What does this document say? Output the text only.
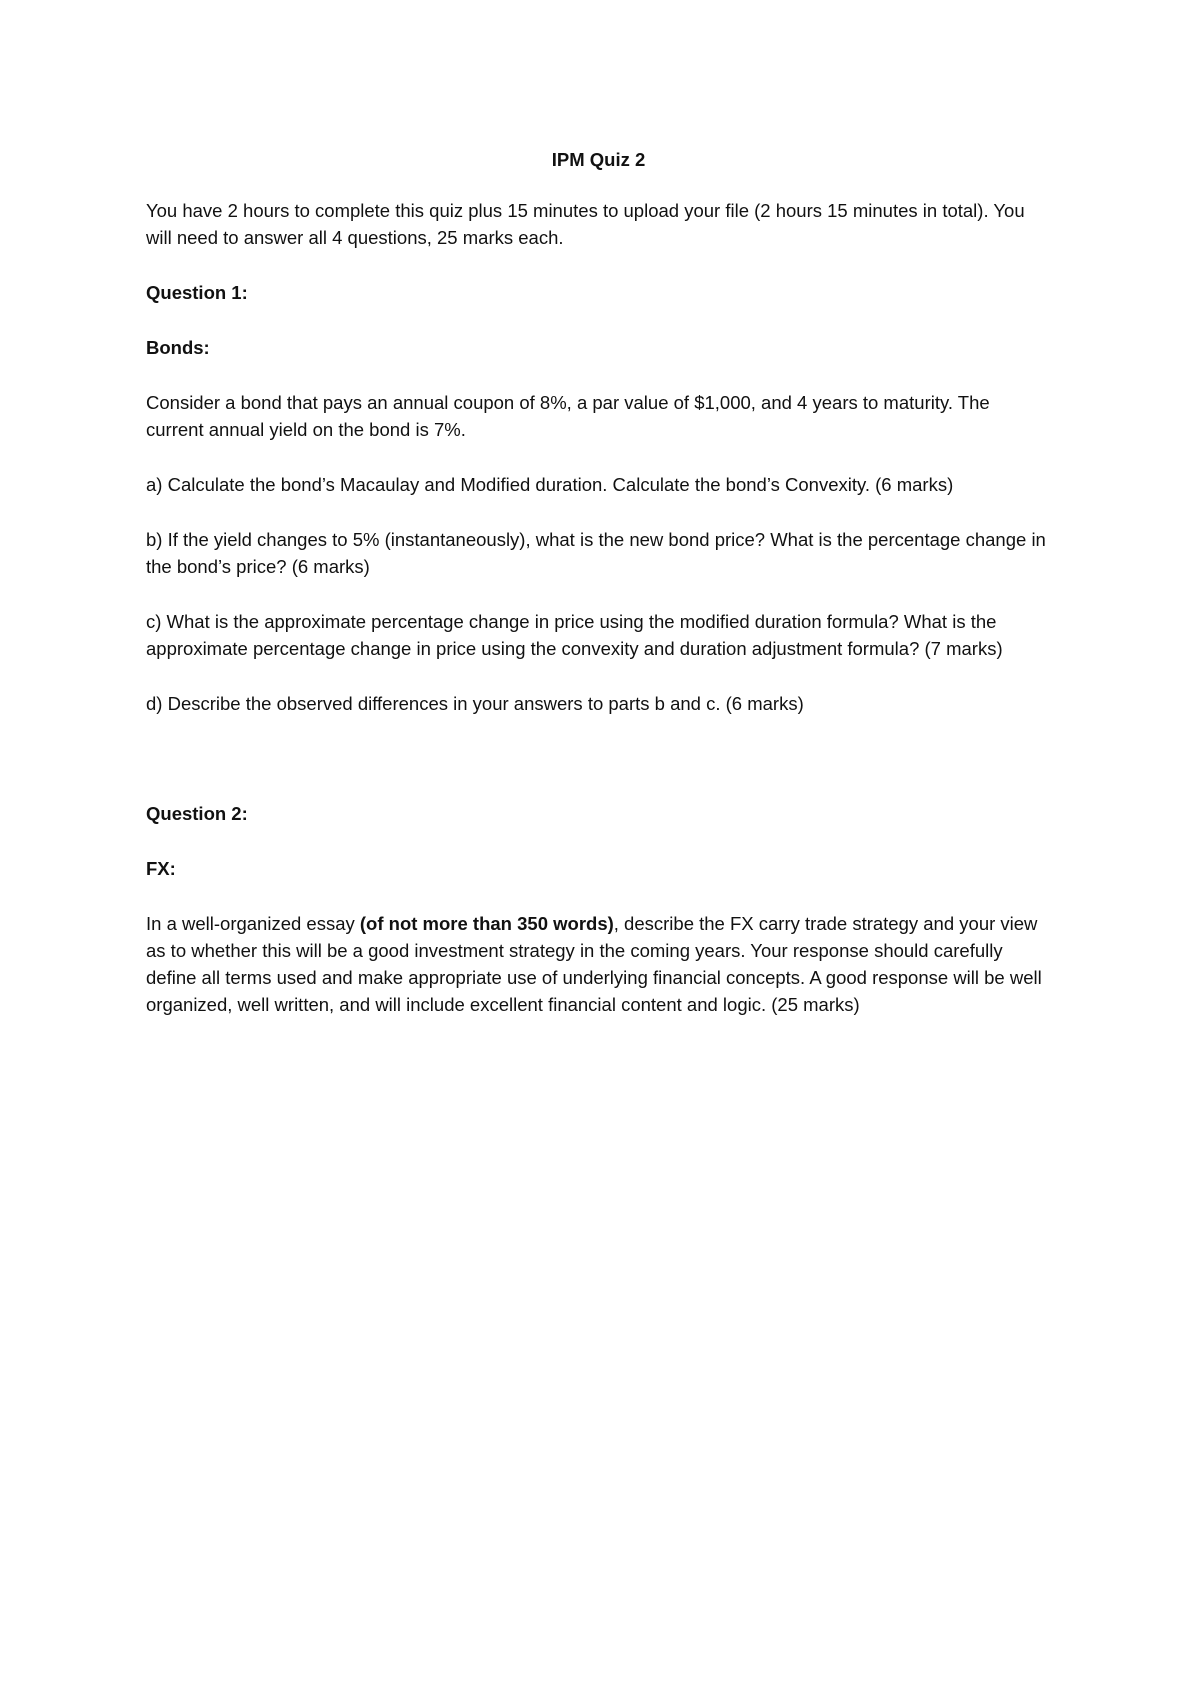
IPM Quiz 2

You have 2 hours to complete this quiz plus 15 minutes to upload your file (2 hours 15 minutes in total). You will need to answer all 4 questions, 25 marks each.

Question 1:

Bonds:

Consider a bond that pays an annual coupon of 8%, a par value of $1,000, and 4 years to maturity. The current annual yield on the bond is 7%.

a) Calculate the bond’s Macaulay and Modified duration. Calculate the bond’s Convexity. (6 marks)

b) If the yield changes to 5% (instantaneously), what is the new bond price? What is the percentage change in the bond’s price? (6 marks)

c) What is the approximate percentage change in price using the modified duration formula? What is the approximate percentage change in price using the convexity and duration adjustment formula? (7 marks)

d) Describe the observed differences in your answers to parts b and c. (6 marks)

Question 2:

FX:

In a well-organized essay (of not more than 350 words), describe the FX carry trade strategy and your view as to whether this will be a good investment strategy in the coming years. Your response should carefully define all terms used and make appropriate use of underlying financial concepts. A good response will be well organized, well written, and will include excellent financial content and logic. (25 marks)
